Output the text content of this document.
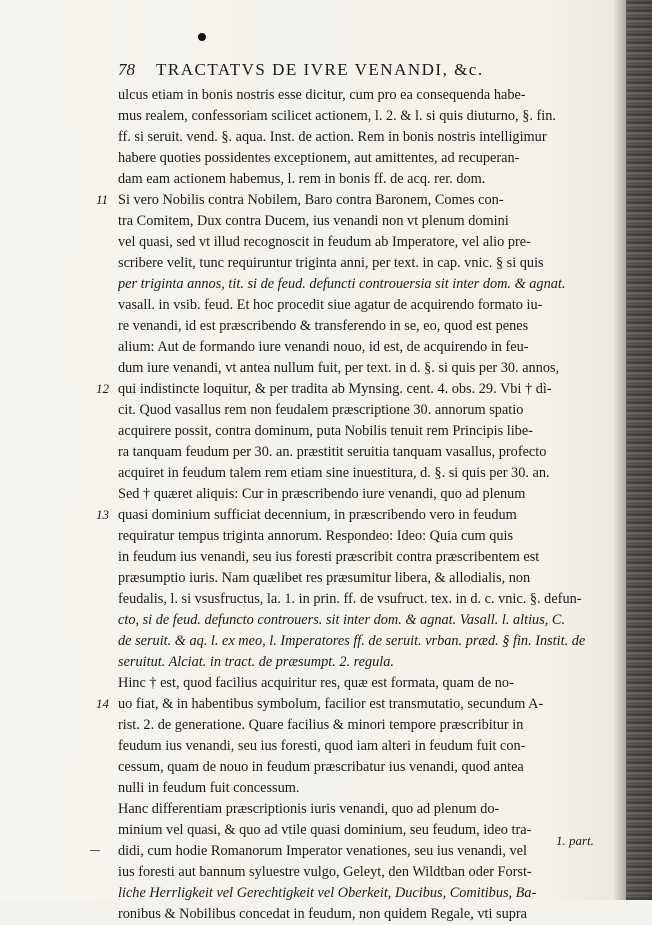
78 TRACTATVS DE IVRE VENANDI, &c.
ulcus etiam in bonis nostris esse dicitur, cum pro ea consequenda habe-
mus realem, confessoriam scilicet actionem, l. 2. & l. si quis diuturno, §. fin.
ff. si seruit. vend. §. aqua. Inst. de action. Rem in bonis nostris intelligimur
habere quoties possidentes exceptionem, aut amittentes, ad recuperan-
dam eam actionem habemus, l. rem in bonis ff. de acq. rer. dom.
Si vero Nobilis contra Nobilem, Baro contra Baronem, Comes con-
tra Comitem, Dux contra Ducem, ius venandi non vt plenum domini
vel quasi, sed vt illud recognoscit in feudum ab Imperatore, vel alio pre-
scribere velit, tunc requiruntur triginta anni, per text. in cap. vnic. § si quis
per triginta annos, tit. si de feud. defuncti controuersia sit inter dom. & agnat.
vasall. in vsib. feud. Et hoc procedit siue agatur de acquirendo formato iu-
re venandi, id est præscribendo & transferendo in se, eo, quod est penes
alium: Aut de formando iure venandi nouo, id est, de acquirendo in feu-
dum iure venandi, vt antea nullum fuit, per text. in d. §. si quis per 30. annos,
qui indistincte loquitur, & per tradita ab Mynsing. cent. 4. obs. 29. Vbi † dì-
cit. Quod vasallus rem non feudalem præscriptione 30. annorum spatio
acquirere possit, contra dominum, puta Nobilis tenuit rem Principis libe-
ra tanquam feudum per 30. an. præstitit seruitia tanquam vasallus, profecto
acquiret in feudum talem rem etiam sine inuestitura, d. §. si quis per 30. an.
Sed † quæret aliquis: Cur in præscribendo iure venandi, quo ad plenum
quasi dominium sufficiat decennium, in præscribendo vero in feudum
requiratur tempus triginta annorum. Respondeo: Ideo: Quia cum quis
in feudum ius venandi, seu ius foresti præscribit contra præscribentem est
præsumptio iuris. Nam quælibet res præsumitur libera, & allodialis, non
feudalis, l. si vsusfructus, la. 1. in prin. ff. de vsufruct. tex. in d. c. vnic. §. defun-
cto, si de feud. defuncto controuers. sit inter dom. & agnat. Vasall. l. altius, C.
de seruit. & aq. l. ex meo, l. Imperatores ff. de seruit. vrban. præd. § fin. Instit. de
seruitut. Alciat. in tract. de præsumpt. 2. regula.
Hinc † est, quod facilius acquiritur res, quæ est formata, quam de no-
uo fiat, & in habentibus symbolum, facilior est transmutatio, secundum A-
rist. 2. de generatione. Quare facilius & minori tempore præscribitur in
feudum ius venandi, seu ius foresti, quod iam alteri in feudum fuit con-
cessum, quam de nouo in feudum præscribatur ius venandi, quod antea
nulli in feudum fuit concessum.
Hanc differentiam præscriptionis iuris venandi, quo ad plenum do-
minium vel quasi, & quo ad vtile quasi dominium, seu feudum, ideo tra-
didi, cum hodie Romanorum Imperator venationes, seu ius venandi, vel
ius foresti aut bannum syluestre vulgo, Geleyt, den Wildtban oder Forst-
liche Herrligkeit vel Gerechtigkeit vel Oberkeit, Ducibus, Comitibus, Ba-
ronibus & Nobilibus concedat in feudum, non quidem Regale, vti supra
11
12
13
14
1. part.
